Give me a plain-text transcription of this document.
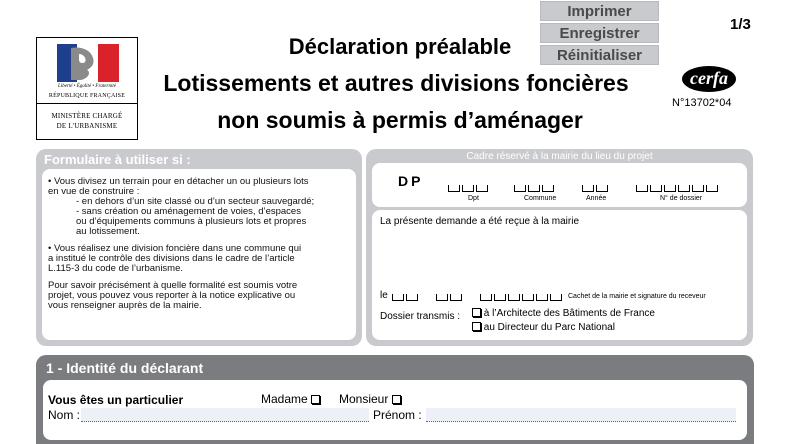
Imprimer
Enregistrer
Réinitialiser
1/3
Liberté • Égalité • Fraternité
RÉPUBLIQUE FRANÇAISE
MINISTÈRE CHARGÉ
DE L'URBANISME
Déclaration préalable
Lotissements et autres divisions foncières
non soumis à permis d’aménager
cerfa
N°13702*04
Formulaire à utiliser si :
• Vous divisez un terrain pour en détacher un ou plusieurs lots
en vue de construire :
- en dehors d’un site classé ou d’un secteur sauvegardé;
- sans création ou aménagement de voies, d’espaces
ou d’équipements communs à plusieurs lots et propres
au lotissement.
• Vous réalisez une division foncière dans une commune qui
a institué le contrôle des divisions dans le cadre de l’article
L.115-3 du code de l’urbanisme.
Pour savoir précisément à quelle formalité est soumis votre
projet, vous pouvez vous reporter à la notice explicative ou
vous renseigner auprès de la mairie.
Cadre réservé à la mairie du lieu du projet
DP
Dpt	Commune	Année	N° de dossier
La présente demande a été reçue à la mairie
le	Cachet de la mairie et signature du receveur
Dossier transmis :	à l’Architecte des Bâtiments de France
au Directeur du Parc National
1 - Identité du déclarant
Vous êtes un particulier	Madame	Monsieur
Nom :	Prénom :
